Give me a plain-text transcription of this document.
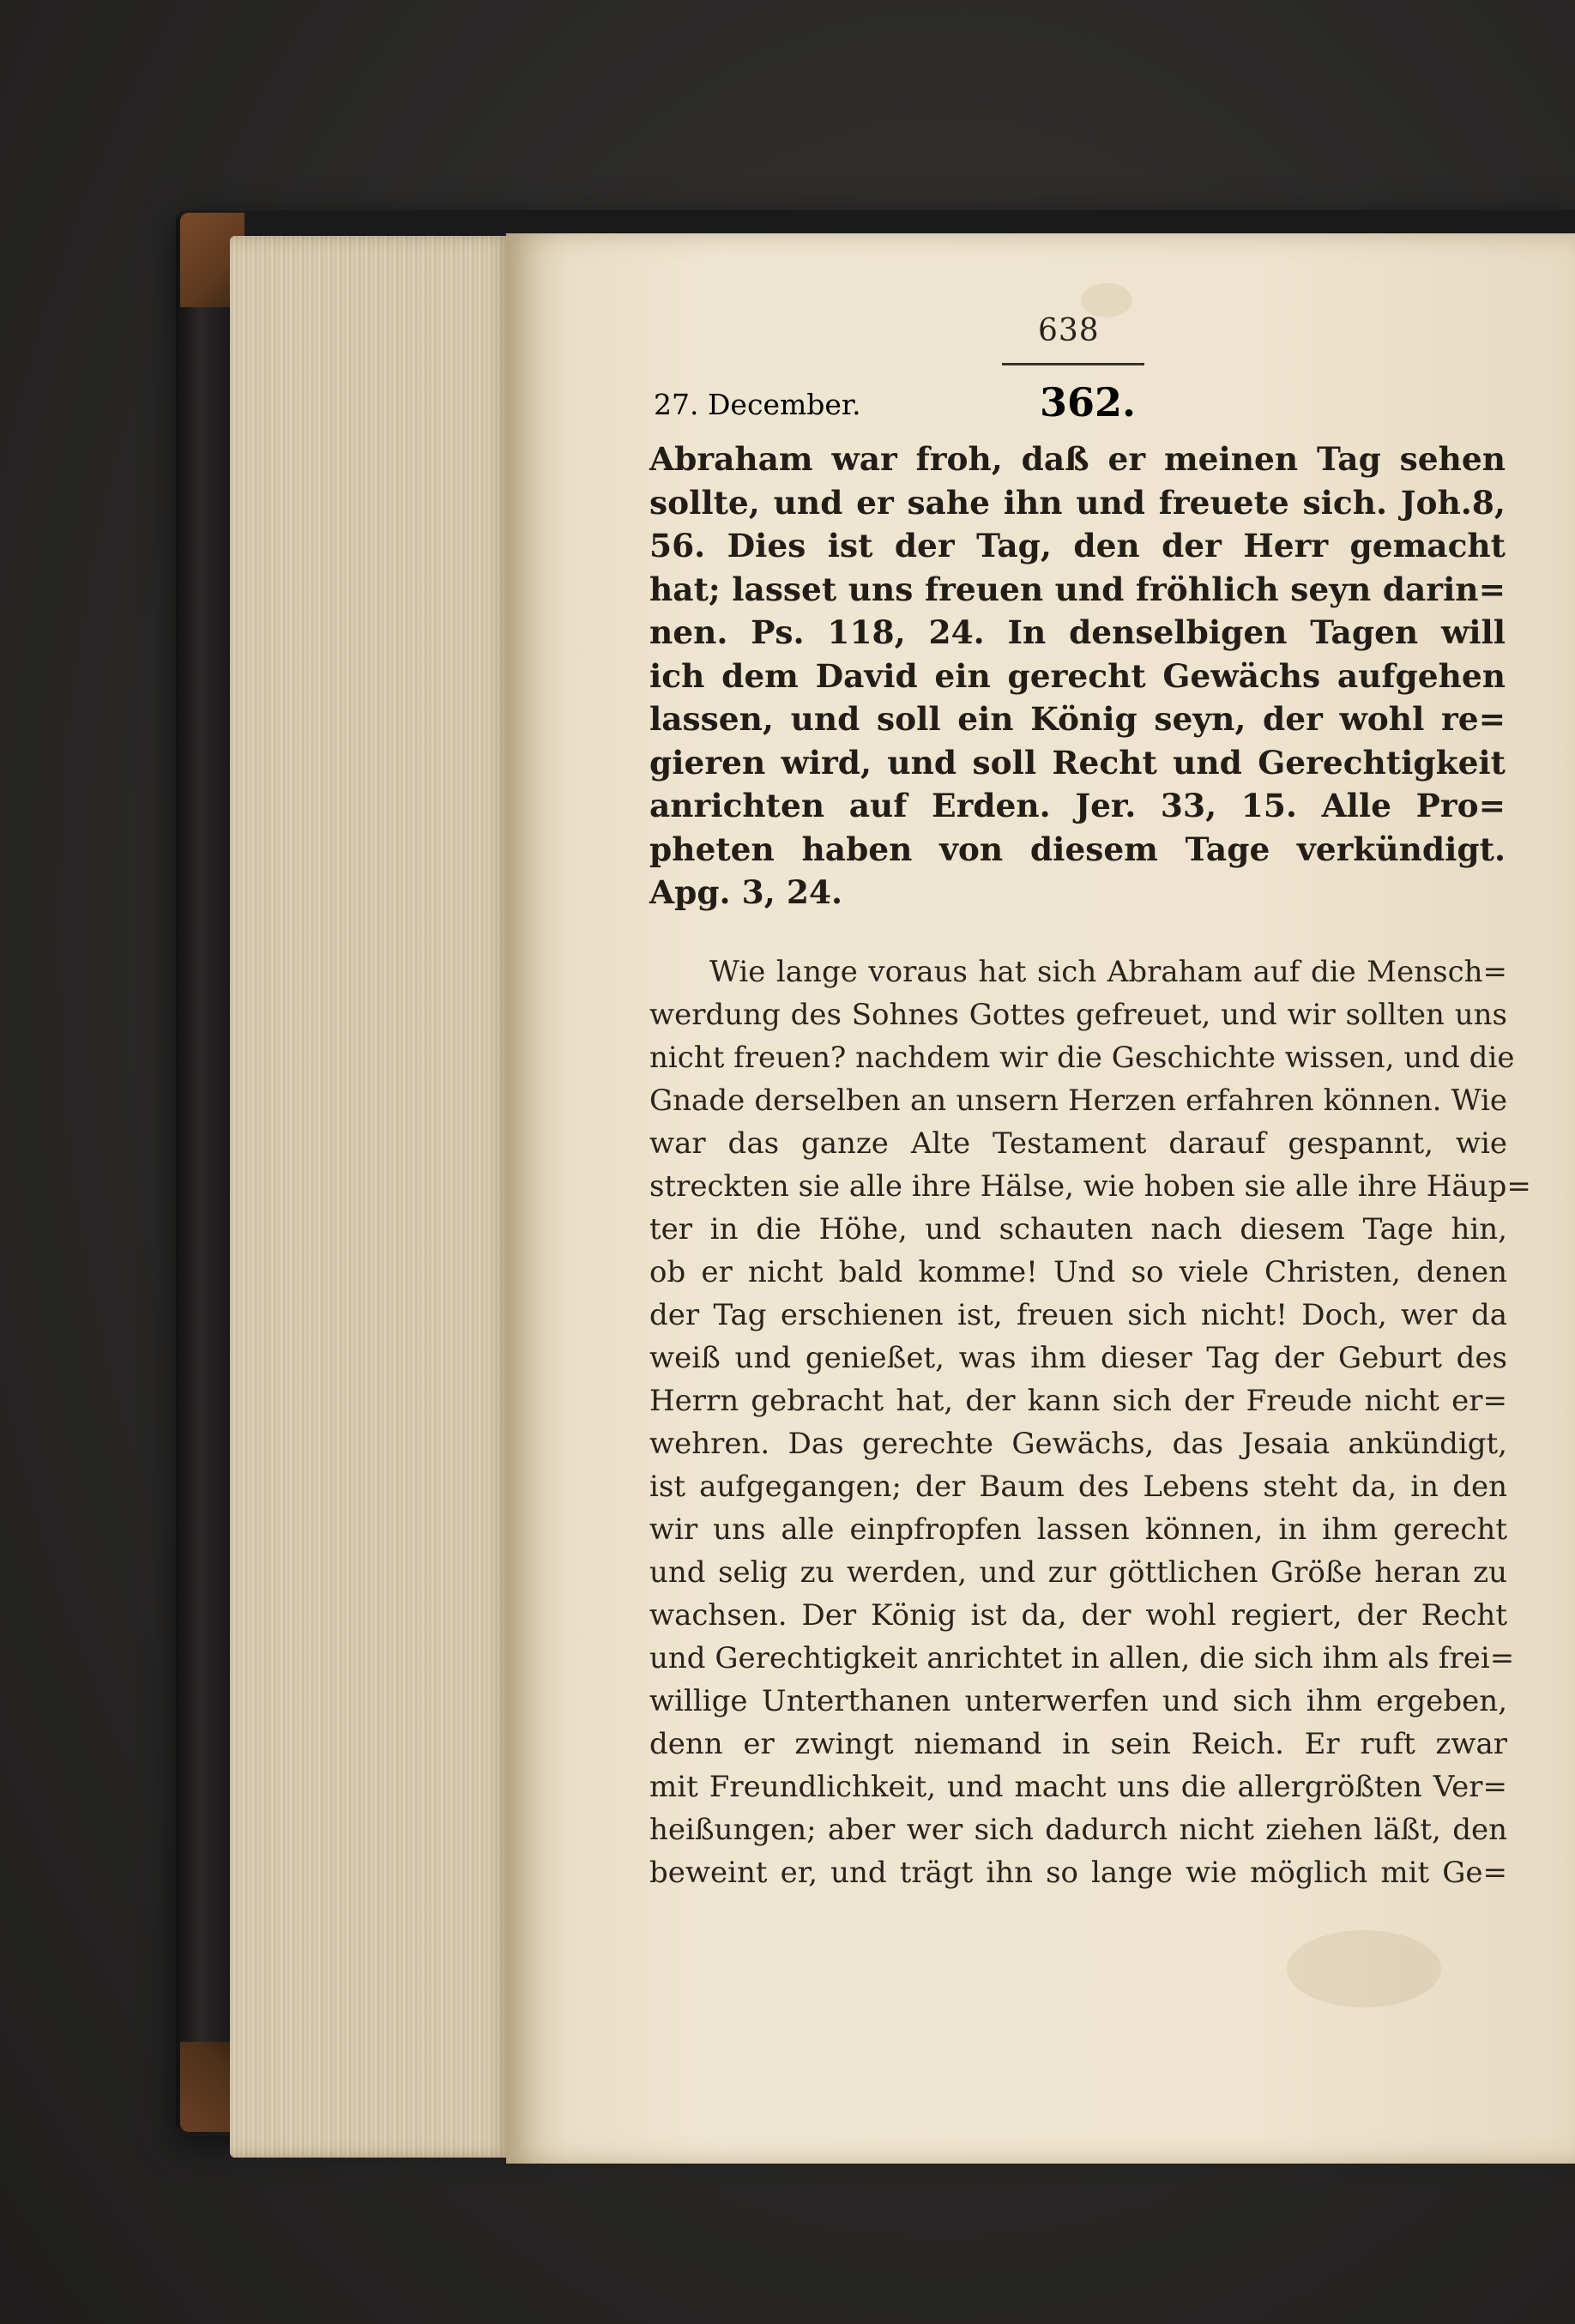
638
27. December.	362.

Abraham war froh, daß er meinen Tag sehen
sollte, und er sahe ihn und freuete sich. Joh.8,
56. Dies ist der Tag, den der Herr gemacht
hat; lasset uns freuen und fröhlich seyn darin=
nen. Ps. 118, 24. In denselbigen Tagen will
ich dem David ein gerecht Gewächs aufgehen
lassen, und soll ein König seyn, der wohl re=
gieren wird, und soll Recht und Gerechtigkeit
anrichten auf Erden. Jer. 33, 15. Alle Pro=
pheten haben von diesem Tage verkündigt.
Apg. 3, 24.

Wie lange voraus hat sich Abraham auf die Mensch=
werdung des Sohnes Gottes gefreuet, und wir sollten uns
nicht freuen? nachdem wir die Geschichte wissen, und die
Gnade derselben an unsern Herzen erfahren können. Wie
war das ganze Alte Testament darauf gespannt, wie
streckten sie alle ihre Hälse, wie hoben sie alle ihre Häup=
ter in die Höhe, und schauten nach diesem Tage hin,
ob er nicht bald komme! Und so viele Christen, denen
der Tag erschienen ist, freuen sich nicht! Doch, wer da
weiß und genießet, was ihm dieser Tag der Geburt des
Herrn gebracht hat, der kann sich der Freude nicht er=
wehren. Das gerechte Gewächs, das Jesaia ankündigt,
ist aufgegangen; der Baum des Lebens steht da, in den
wir uns alle einpfropfen lassen können, in ihm gerecht
und selig zu werden, und zur göttlichen Größe heran zu
wachsen. Der König ist da, der wohl regiert, der Recht
und Gerechtigkeit anrichtet in allen, die sich ihm als frei=
willige Unterthanen unterwerfen und sich ihm ergeben,
denn er zwingt niemand in sein Reich. Er ruft zwar
mit Freundlichkeit, und macht uns die allergrößten Ver=
heißungen; aber wer sich dadurch nicht ziehen läßt, den
beweint er, und trägt ihn so lange wie möglich mit Ge=
